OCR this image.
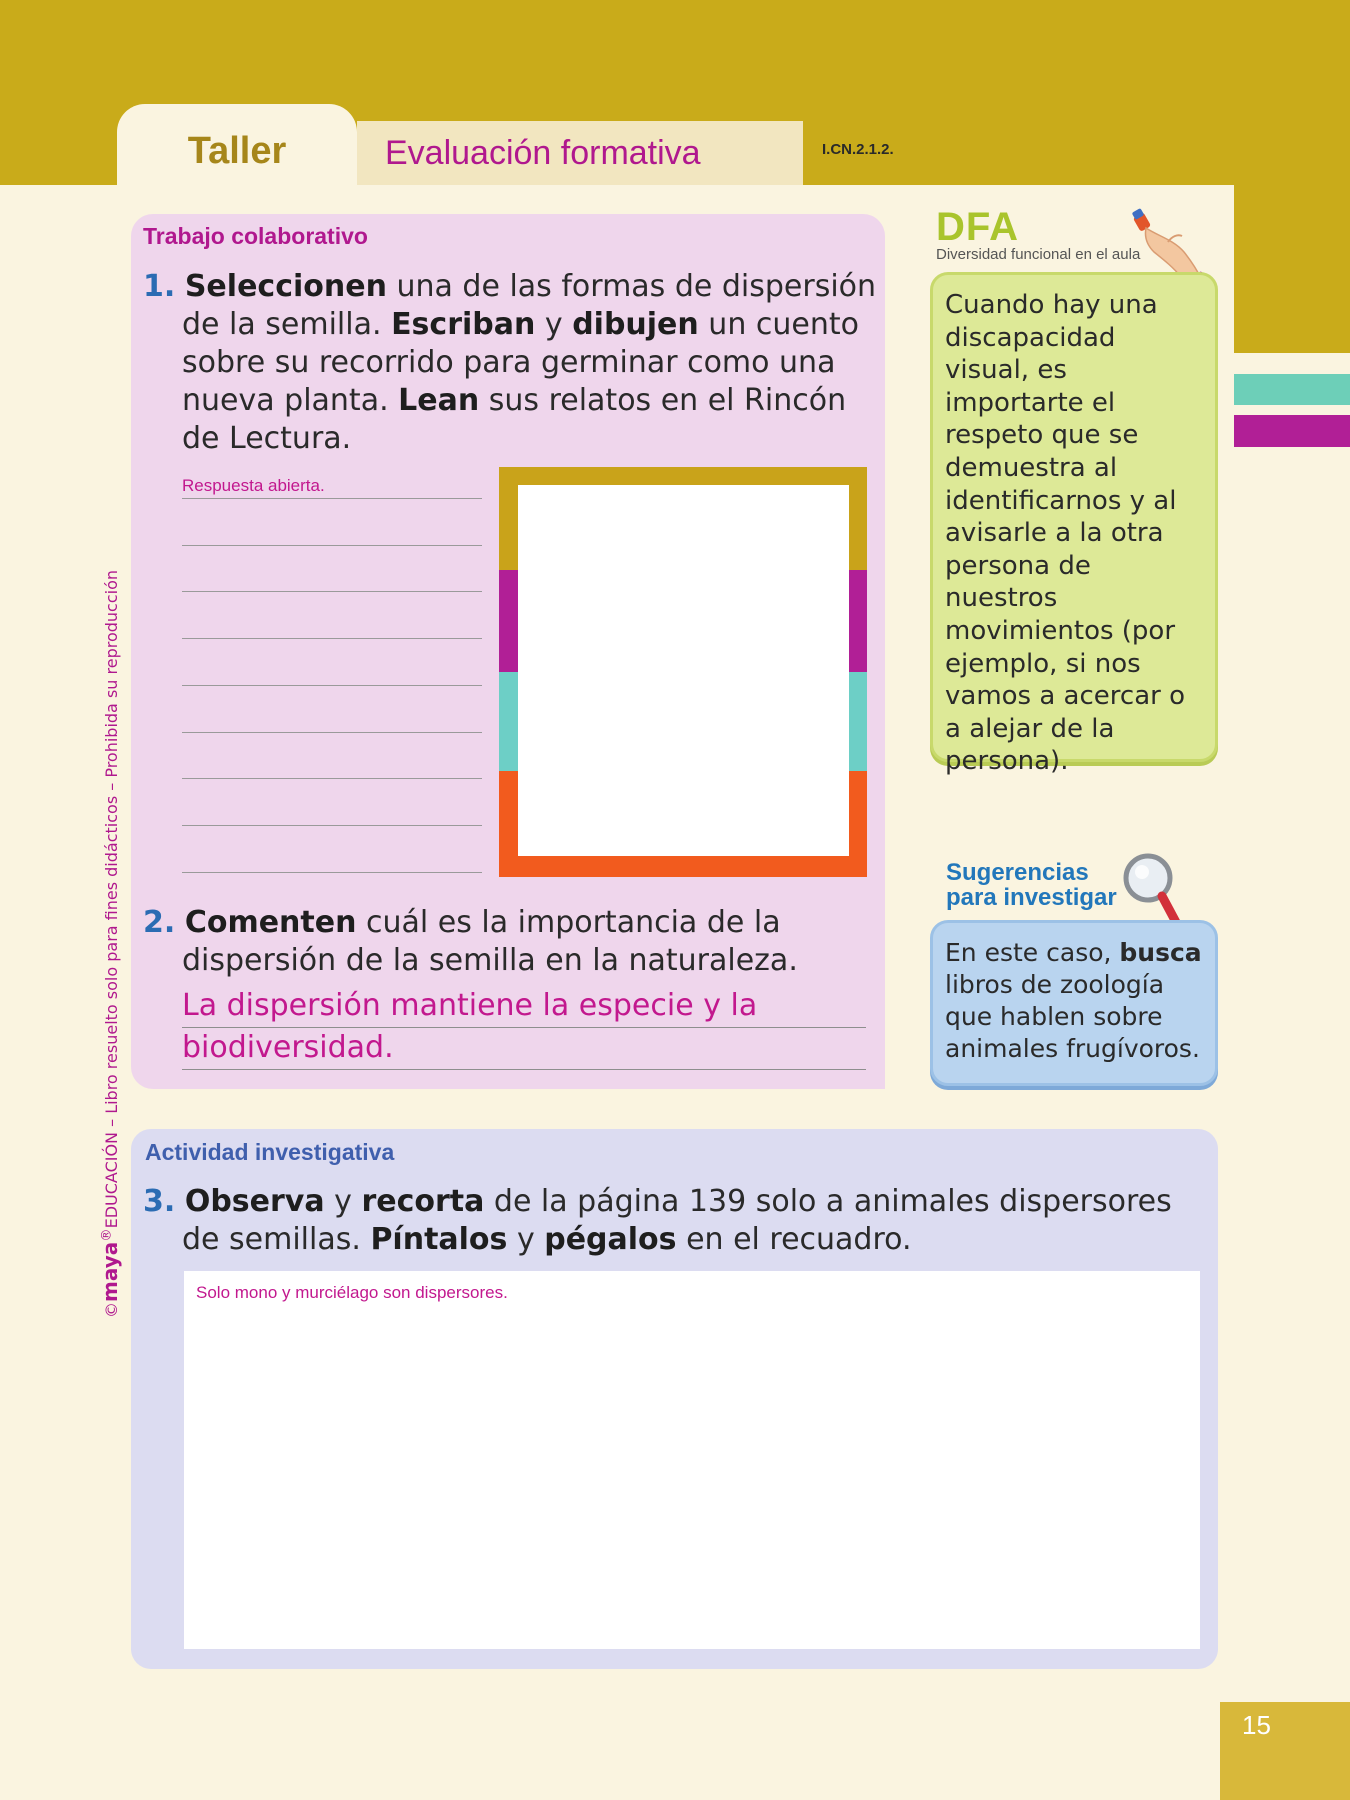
Taller	Evaluación formativa	I.CN.2.1.2.
©maya®EDUCACIÓN – Libro resuelto solo para fines didácticos – Prohibida su reproducción
Trabajo colaborativo
1. Seleccionen una de las formas de dispersión de la semilla. Escriban y dibujen un cuento sobre su recorrido para germinar como una nueva planta. Lean sus relatos en el Rincón de Lectura.
Respuesta abierta.
2. Comenten cuál es la importancia de la dispersión de la semilla en la naturaleza.
La dispersión mantiene la especie y la
biodiversidad.
DFA
Diversidad funcional en el aula

Cuando hay una discapacidad visual, es importarte el respeto que se demuestra al identificarnos y al avisarle a la otra persona de nuestros movimientos (por ejemplo, si nos vamos a acercar o a alejar de la persona).

Sugerencias
para investigar

En este caso, busca libros de zoología que hablen sobre animales frugívoros.

Actividad investigativa
3. Observa y recorta de la página 139 solo a animales dispersores de semillas. Píntalos y pégalos en el recuadro.
Solo mono y murciélago son dispersores.
15
